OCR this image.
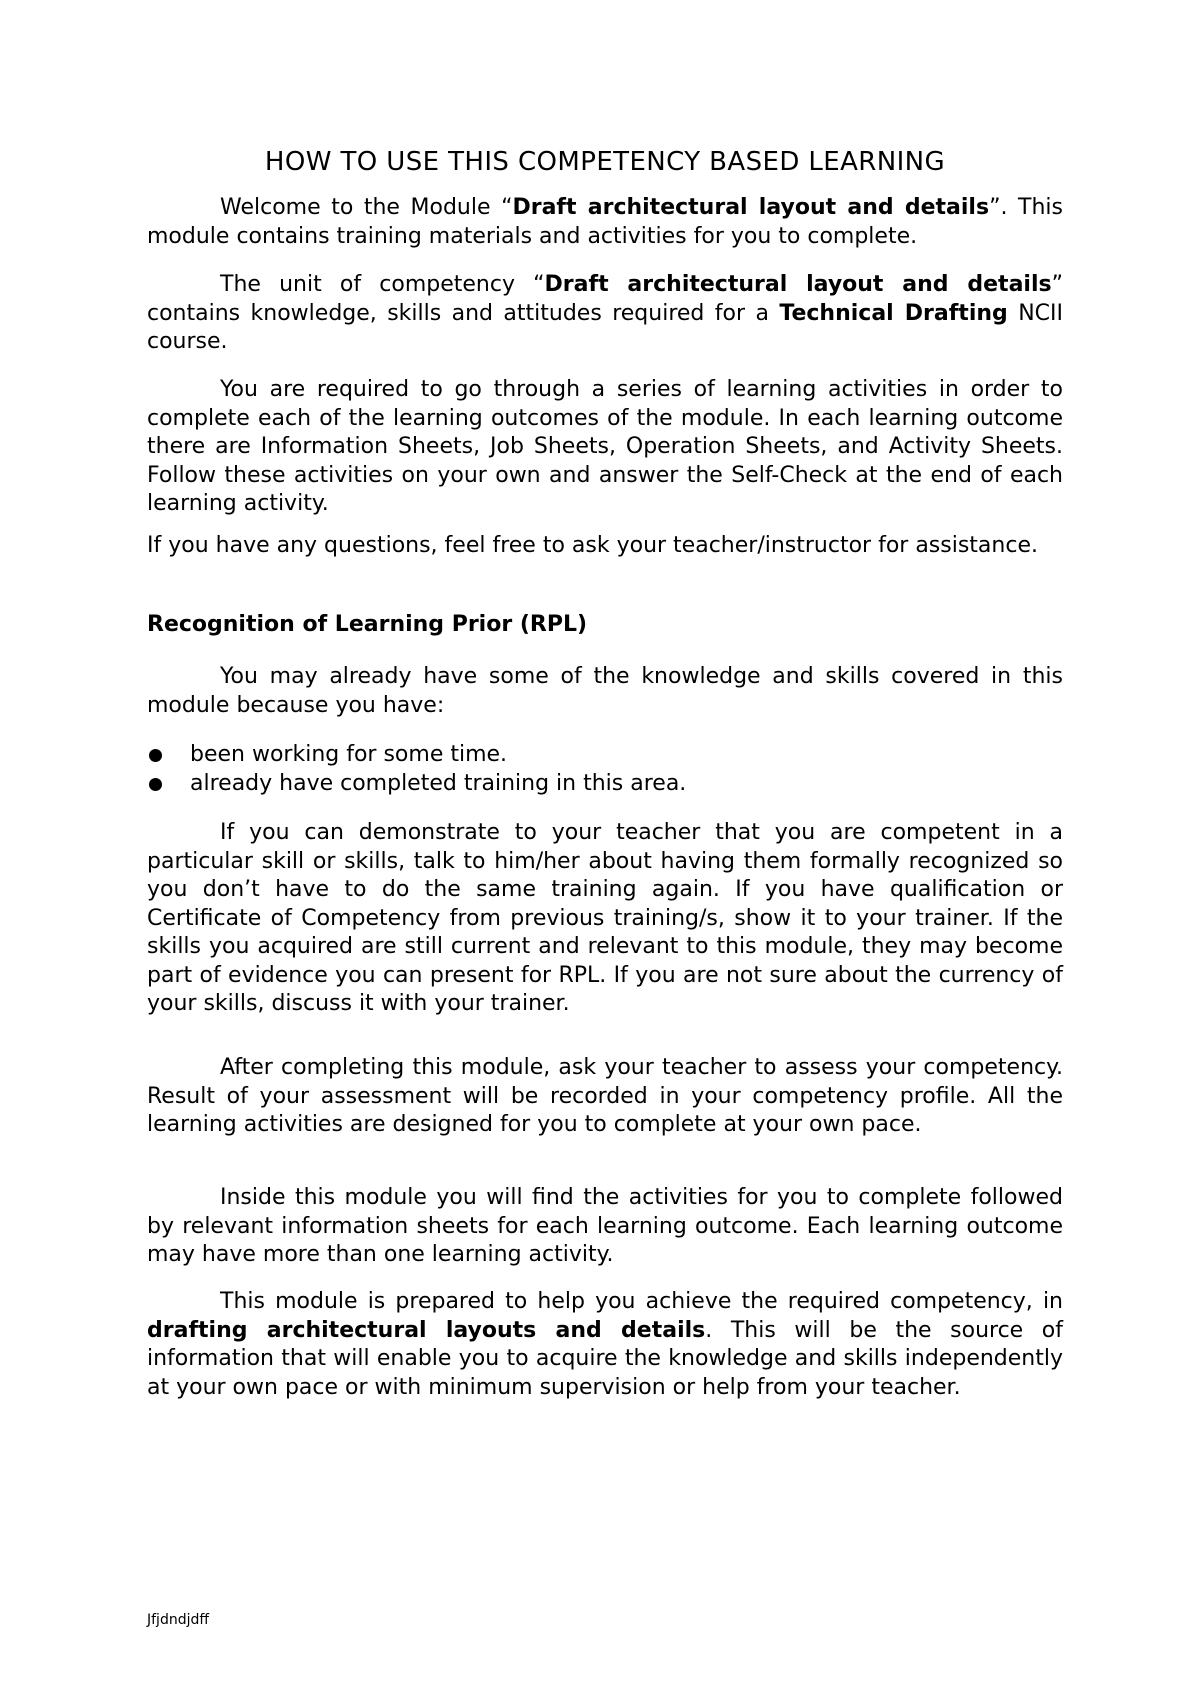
HOW TO USE THIS COMPETENCY BASED LEARNING

Welcome to the Module “Draft architectural layout and details”. This module contains training materials and activities for you to complete.

The unit of competency “Draft architectural layout and details” contains knowledge, skills and attitudes required for a Technical Drafting NCII course.

You are required to go through a series of learning activities in order to complete each of the learning outcomes of the module. In each learning outcome there are Information Sheets, Job Sheets, Operation Sheets, and Activity Sheets. Follow these activities on your own and answer the Self-Check at the end of each learning activity.

If you have any questions, feel free to ask your teacher/instructor for assistance.

Recognition of Learning Prior (RPL)

You may already have some of the knowledge and skills covered in this module because you have:

been working for some time.
already have completed training in this area.

If you can demonstrate to your teacher that you are competent in a particular skill or skills, talk to him/her about having them formally recognized so you don’t have to do the same training again. If you have qualification or Certificate of Competency from previous training/s, show it to your trainer. If the skills you acquired are still current and relevant to this module, they may become part of evidence you can present for RPL. If you are not sure about the currency of your skills, discuss it with your trainer.

After completing this module, ask your teacher to assess your competency. Result of your assessment will be recorded in your competency profile. All the learning activities are designed for you to complete at your own pace.

Inside this module you will find the activities for you to complete followed by relevant information sheets for each learning outcome. Each learning outcome may have more than one learning activity.

This module is prepared to help you achieve the required competency, in drafting architectural layouts and details. This will be the source of information that will enable you to acquire the knowledge and skills independently at your own pace or with minimum supervision or help from your teacher.

Jfjdndjdff
